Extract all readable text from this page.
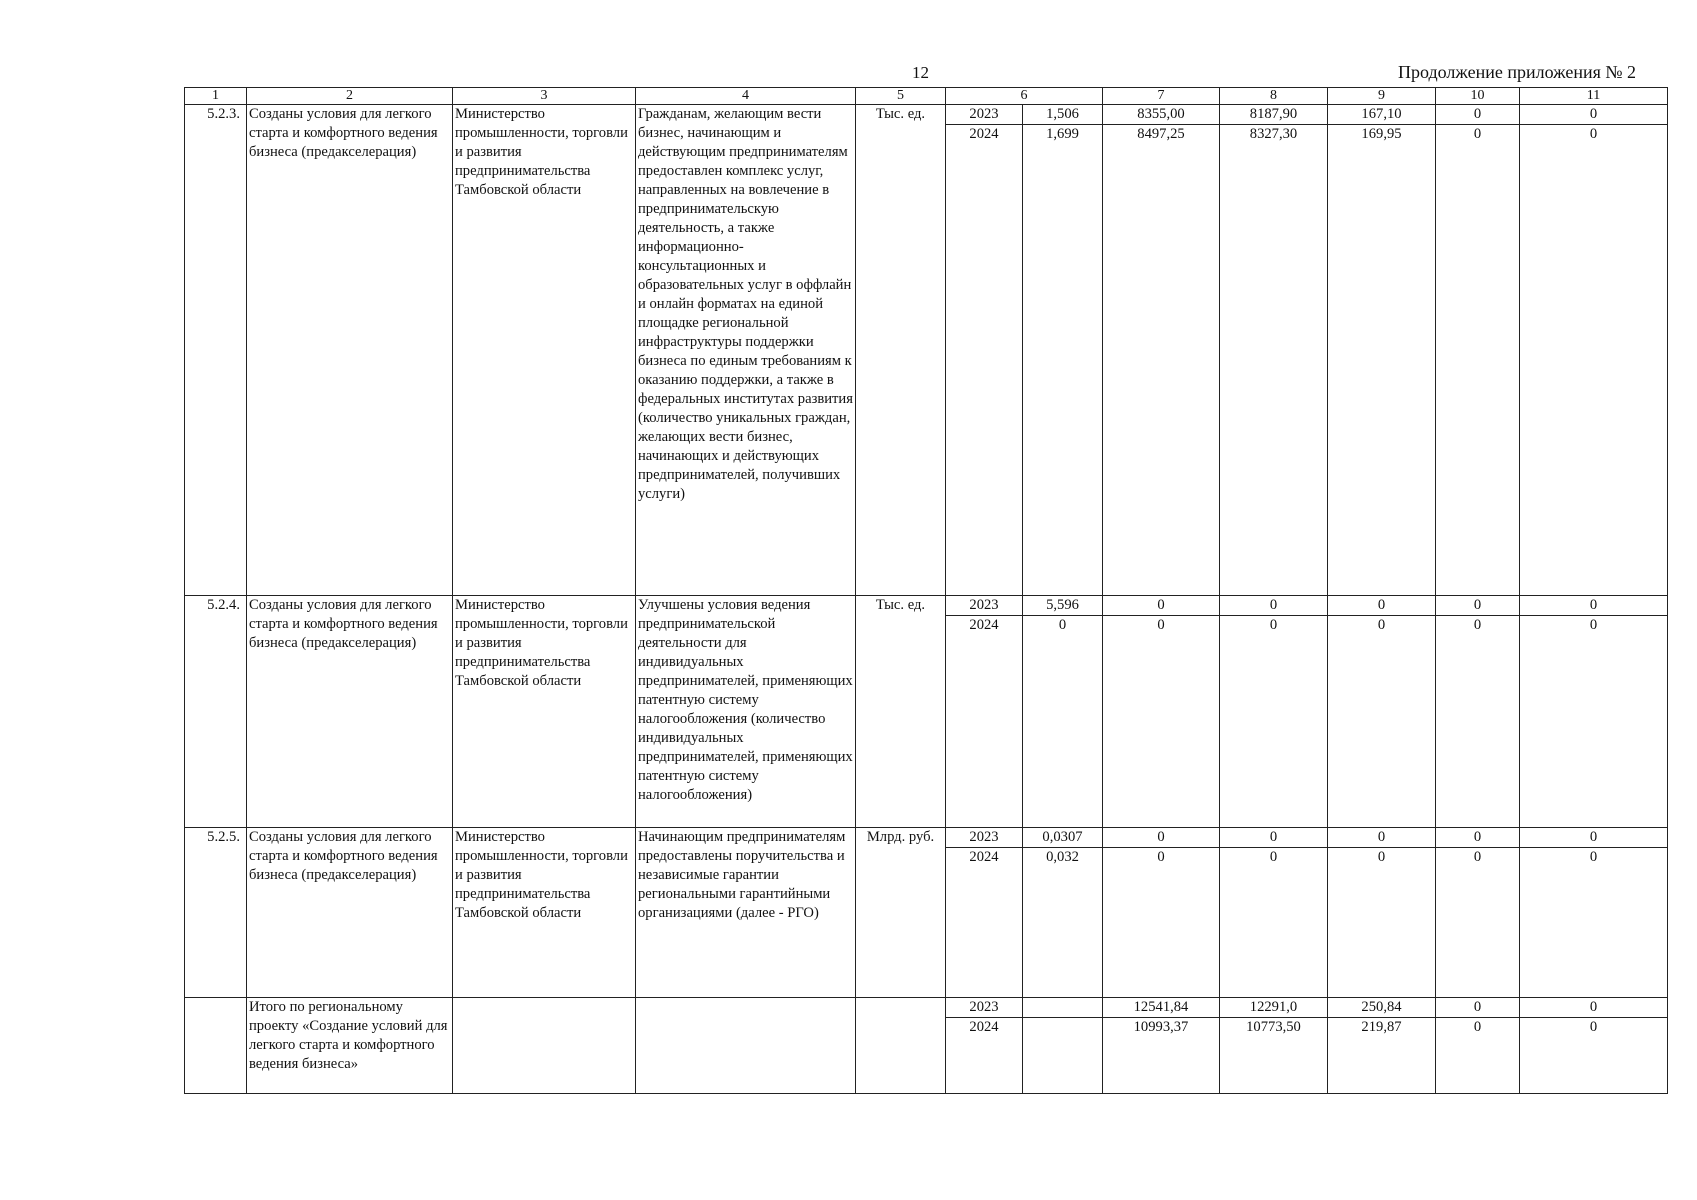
12	Продолжение приложения № 2
1	2	3	4	5	6		7	8	9	10	11
5.2.3.	Созданы условия для легкого старта и комфортного ведения бизнеса (предакселерация)	Министерство промышленности, торговли и развития предпринимательства Тамбовской области	Гражданам, желающим вести бизнес, начинающим и действующим предпринимателям предоставлен комплекс услуг, направленных на вовлечение в предпринимательскую деятельность, а также информационно-консультационных и образовательных услуг в оффлайн и онлайн форматах на единой площадке региональной инфраструктуры поддержки бизнеса по единым требованиям к оказанию поддержки, а также в федеральных институтах развития (количество уникальных граждан, желающих вести бизнес, начинающих и действующих предпринимателей, получивших услуги)	Тыс. ед.	2023	1,506	8355,00	8187,90	167,10	0	0
					2024	1,699	8497,25	8327,30	169,95	0	0
5.2.4.	Созданы условия для легкого старта и комфортного ведения бизнеса (предакселерация)	Министерство промышленности, торговли и развития предпринимательства Тамбовской области	Улучшены условия ведения предпринимательской деятельности для индивидуальных предпринимателей, применяющих патентную систему налогообложения (количество индивидуальных предпринимателей, применяющих патентную систему налогообложения)	Тыс. ед.	2023	5,596	0	0	0	0	0
					2024	0	0	0	0	0	0
5.2.5.	Созданы условия для легкого старта и комфортного ведения бизнеса (предакселерация)	Министерство промышленности, торговли и развития предпринимательства Тамбовской области	Начинающим предпринимателям предоставлены поручительства и независимые гарантии региональными гарантийными организациями (далее - РГО)	Млрд. руб.	2023	0,0307	0	0	0	0	0
					2024	0,032	0	0	0	0	0
	Итого по региональному проекту «Создание условий для легкого старта и комфортного ведения бизнеса»				2023		12541,84	12291,0	250,84	0	0
					2024		10993,37	10773,50	219,87	0	0
